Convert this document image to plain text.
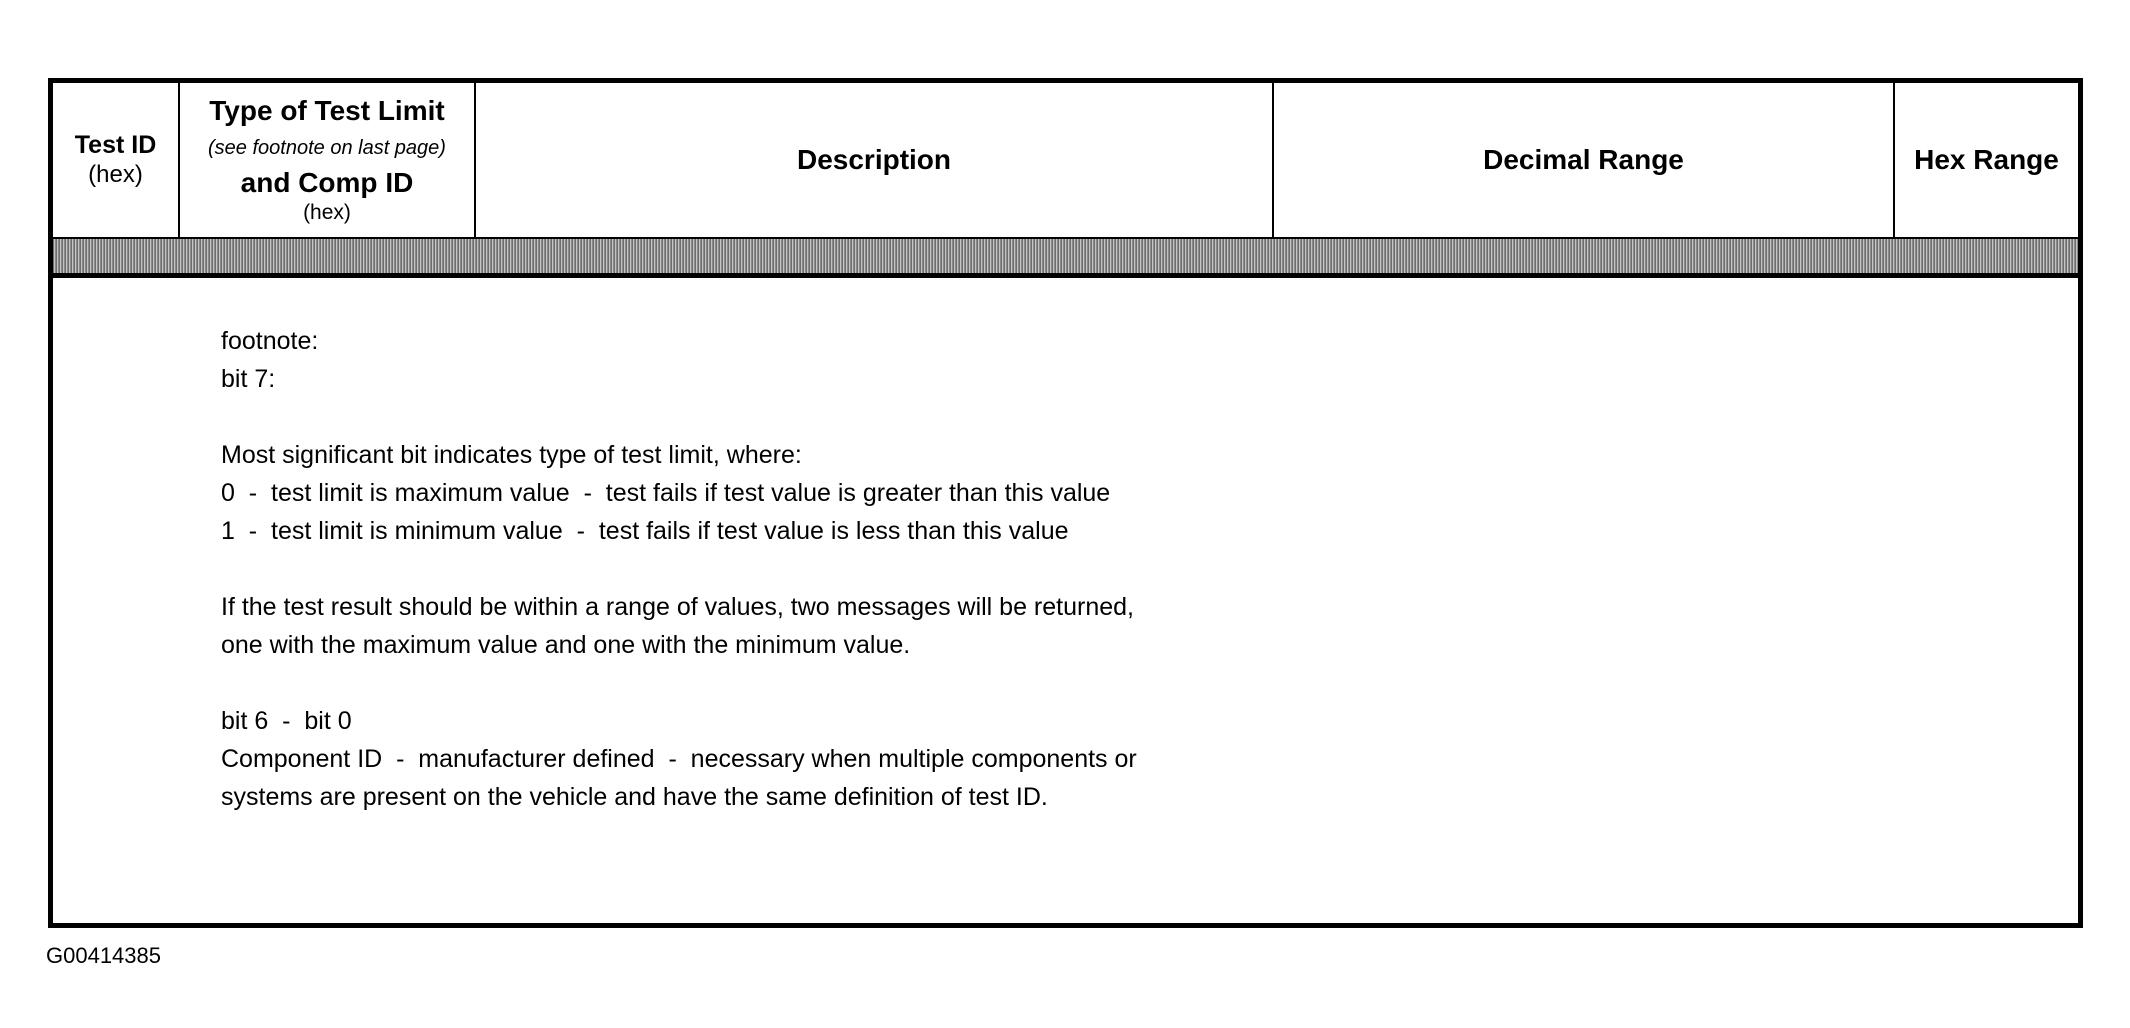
Test ID
(hex)
Type of Test Limit
(see footnote on last page)
and Comp ID
(hex)
Description	Decimal Range	Hex Range
footnote:
bit 7:
Most significant bit indicates type of test limit, where:
0  -  test limit is maximum value  -  test fails if test value is greater than this value
1  -  test limit is minimum value  -  test fails if test value is less than this value
If the test result should be within a range of values, two messages will be returned,
one with the maximum value and one with the minimum value.
bit 6  -  bit 0
Component ID  -  manufacturer defined  -  necessary when multiple components or
systems are present on the vehicle and have the same definition of test ID.
G00414385
